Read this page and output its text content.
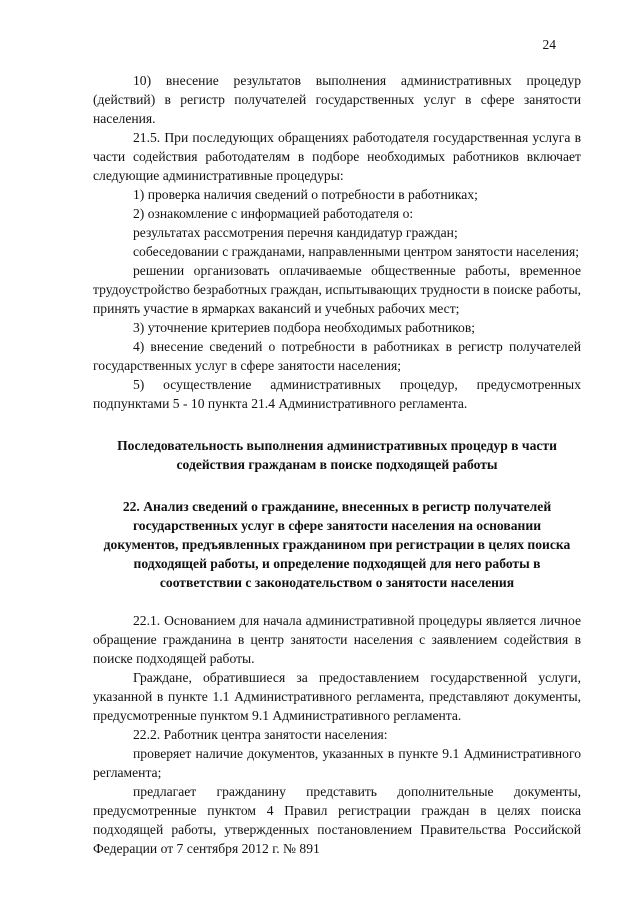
24

10) внесение результатов выполнения административных процедур (действий) в регистр получателей государственных услуг в сфере занятости населения.

21.5. При последующих обращениях работодателя государственная услуга в части содействия работодателям в подборе необходимых работников включает следующие административные процедуры:

1) проверка наличия сведений о потребности в работниках;

2) ознакомление с информацией работодателя о:

результатах рассмотрения перечня кандидатур граждан;

собеседовании с гражданами, направленными центром занятости населения;

решении организовать оплачиваемые общественные работы, временное трудоустройство безработных граждан, испытывающих трудности в поиске работы, принять участие в ярмарках вакансий и учебных рабочих мест;

3) уточнение критериев подбора необходимых работников;

4) внесение сведений о потребности в работниках в регистр получателей государственных услуг в сфере занятости населения;

5) осуществление административных процедур, предусмотренных подпунктами 5 - 10 пункта 21.4 Административного регламента.

Последовательность выполнения административных процедур в части содействия гражданам в поиске подходящей работы

22. Анализ сведений о гражданине, внесенных в регистр получателей государственных услуг в сфере занятости населения на основании документов, предъявленных гражданином при регистрации в целях поиска подходящей работы, и определение подходящей для него работы в соответствии с законодательством о занятости населения

22.1. Основанием для начала административной процедуры является личное обращение гражданина в центр занятости населения с заявлением содействия в поиске подходящей работы.

Граждане, обратившиеся за предоставлением государственной услуги, указанной в пункте 1.1 Административного регламента, представляют документы, предусмотренные пунктом 9.1 Административного регламента.

22.2. Работник центра занятости населения:

проверяет наличие документов, указанных в пункте 9.1 Административного регламента;

предлагает гражданину представить дополнительные документы, предусмотренные пунктом 4 Правил регистрации граждан в целях поиска подходящей работы, утвержденных постановлением Правительства Российской Федерации от 7 сентября 2012 г. № 891
